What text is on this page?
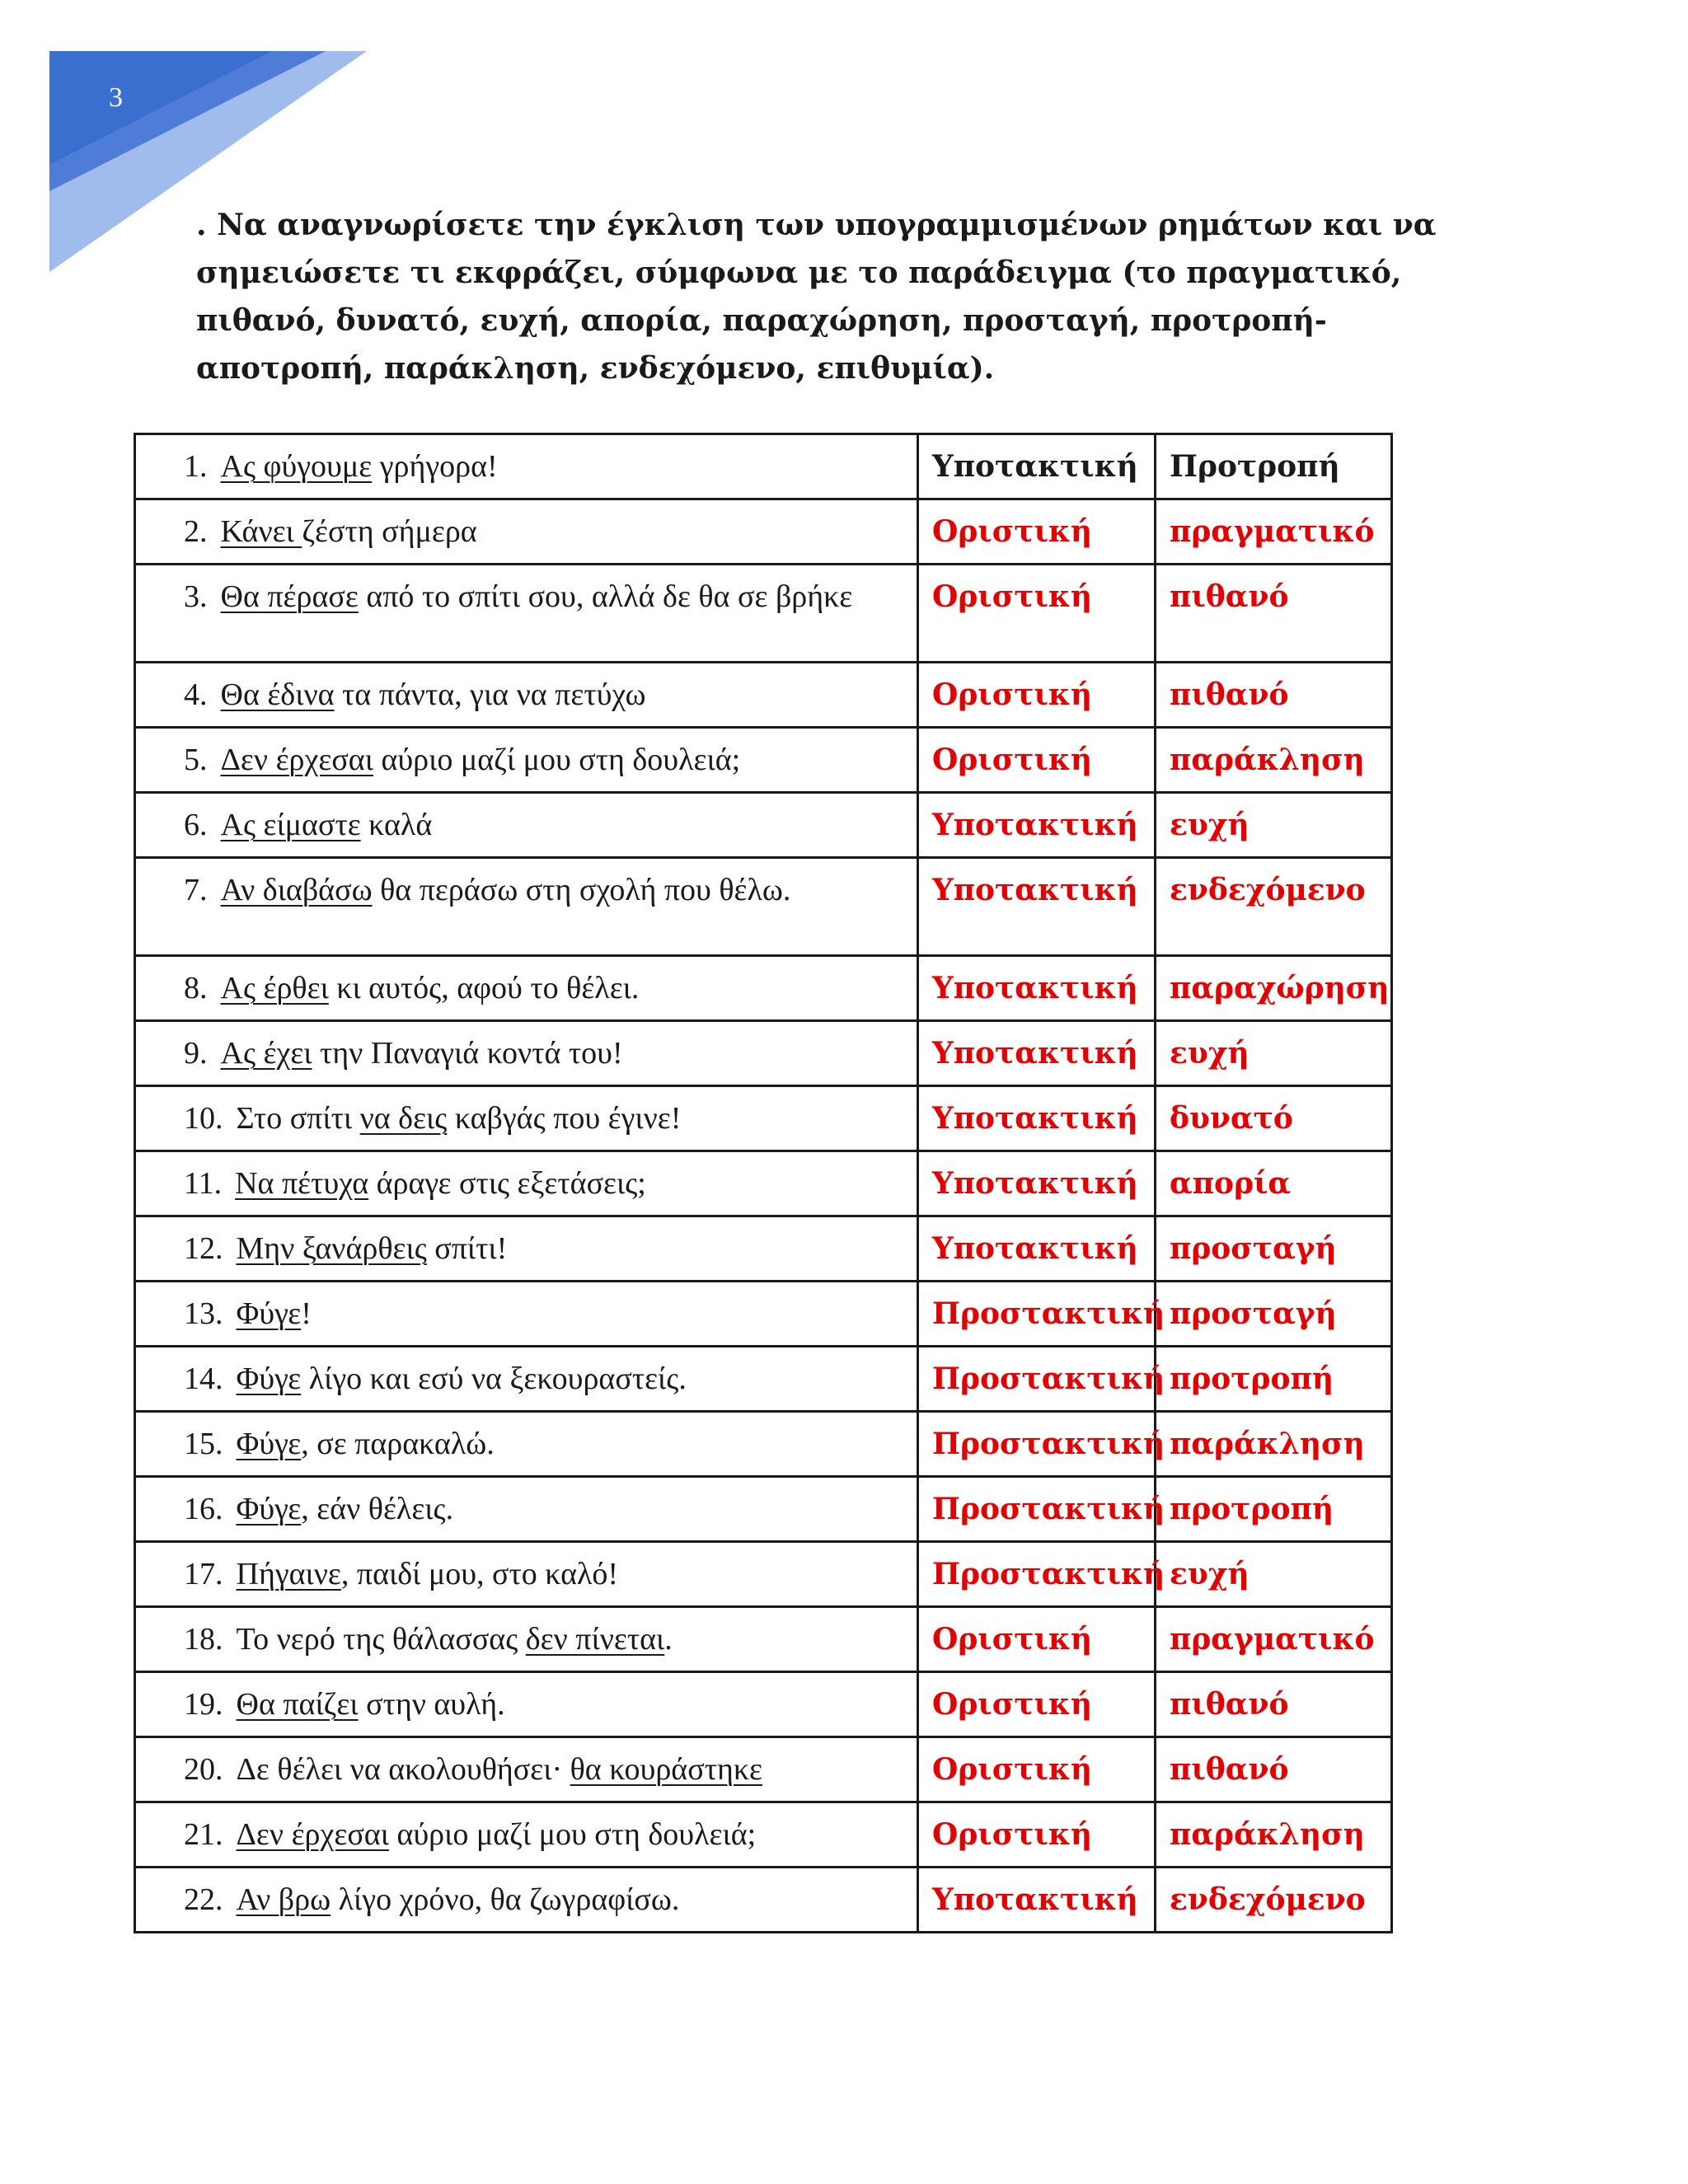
3
. Να αναγνωρίσετε την έγκλιση των υπογραμμισμένων ρημάτων και να σημειώσετε τι εκφράζει, σύμφωνα με το παράδειγμα (το πραγματικό, πιθανό, δυνατό, ευχή, απορία, παραχώρηση, προσταγή, προτροπή-αποτροπή, παράκληση, ενδεχόμενο, επιθυμία).
1. Ας φύγουμε γρήγορα!	Υποτακτική	Προτροπή
2. Κάνει ζέστη σήμερα	Οριστική	πραγματικό
3. Θα πέρασε από το σπίτι σου, αλλά δε θα σε βρήκε	Οριστική	πιθανό
4. Θα έδινα τα πάντα, για να πετύχω	Οριστική	πιθανό
5. Δεν έρχεσαι αύριο μαζί μου στη δουλειά;	Οριστική	παράκληση
6. Ας είμαστε καλά	Υποτακτική	ευχή
7. Αν διαβάσω θα περάσω στη σχολή που θέλω.	Υποτακτική	ενδεχόμενο
8. Ας έρθει κι αυτός, αφού το θέλει.	Υποτακτική	παραχώρηση
9. Ας έχει την Παναγιά κοντά του!	Υποτακτική	ευχή
10. Στο σπίτι να δεις καβγάς που έγινε!	Υποτακτική	δυνατό
11. Να πέτυχα άραγε στις εξετάσεις;	Υποτακτική	απορία
12. Μην ξανάρθεις σπίτι!	Υποτακτική	προσταγή
13. Φύγε!	Προστακτική	προσταγή
14. Φύγε λίγο και εσύ να ξεκουραστείς.	Προστακτική	προτροπή
15. Φύγε, σε παρακαλώ.	Προστακτική	παράκληση
16. Φύγε, εάν θέλεις.	Προστακτική	προτροπή
17. Πήγαινε, παιδί μου, στο καλό!	Προστακτική	ευχή
18. Το νερό της θάλασσας δεν πίνεται.	Οριστική	πραγματικό
19. Θα παίζει στην αυλή.	Οριστική	πιθανό
20. Δε θέλει να ακολουθήσει· θα κουράστηκε	Οριστική	πιθανό
21. Δεν έρχεσαι αύριο μαζί μου στη δουλειά;	Οριστική	παράκληση
22. Αν βρω λίγο χρόνο, θα ζωγραφίσω.	Υποτακτική	ενδεχόμενο
